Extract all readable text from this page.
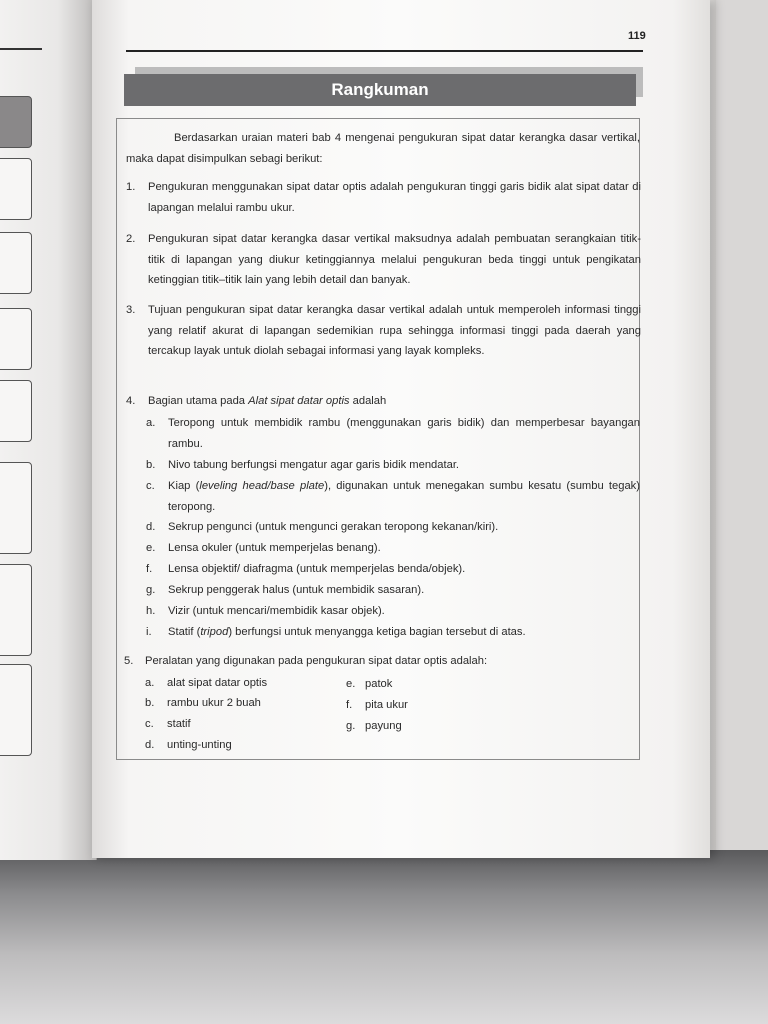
119
Rangkuman
Berdasarkan uraian materi bab 4 mengenai pengukuran sipat datar kerangka dasar vertikal, maka dapat disimpulkan sebagi berikut:
1. Pengukuran menggunakan sipat datar optis adalah pengukuran tinggi garis bidik alat sipat datar di lapangan melalui rambu ukur.
2. Pengukuran sipat datar kerangka dasar vertikal maksudnya adalah pembuatan serangkaian titik-titik di lapangan yang diukur ketinggiannya melalui pengukuran beda tinggi untuk pengikatan ketinggian titik–titik lain yang lebih detail dan banyak.
3. Tujuan pengukuran sipat datar kerangka dasar vertikal adalah untuk memperoleh informasi tinggi yang relatif akurat di lapangan sedemikian rupa sehingga informasi tinggi pada daerah yang tercakup layak untuk diolah sebagai informasi yang layak kompleks.
4. Bagian utama pada Alat sipat datar optis adalah
a. Teropong untuk membidik rambu (menggunakan garis bidik) dan memperbesar bayangan rambu.
b. Nivo tabung berfungsi mengatur agar garis bidik mendatar.
c. Kiap (leveling head/base plate), digunakan untuk menegakan sumbu kesatu (sumbu tegak) teropong.
d. Sekrup pengunci (untuk mengunci gerakan teropong kekanan/kiri).
e. Lensa okuler (untuk memperjelas benang).
f. Lensa objektif/ diafragma (untuk memperjelas benda/objek).
g. Sekrup penggerak halus (untuk membidik sasaran).
h. Vizir (untuk mencari/membidik kasar objek).
i. Statif (tripod) berfungsi untuk menyangga ketiga bagian tersebut di atas.
5. Peralatan yang digunakan pada pengukuran sipat datar optis adalah:
a. alat sipat datar optis
b. rambu ukur 2 buah
c. statif
d. unting-unting
e. patok
f. pita ukur
g. payung
